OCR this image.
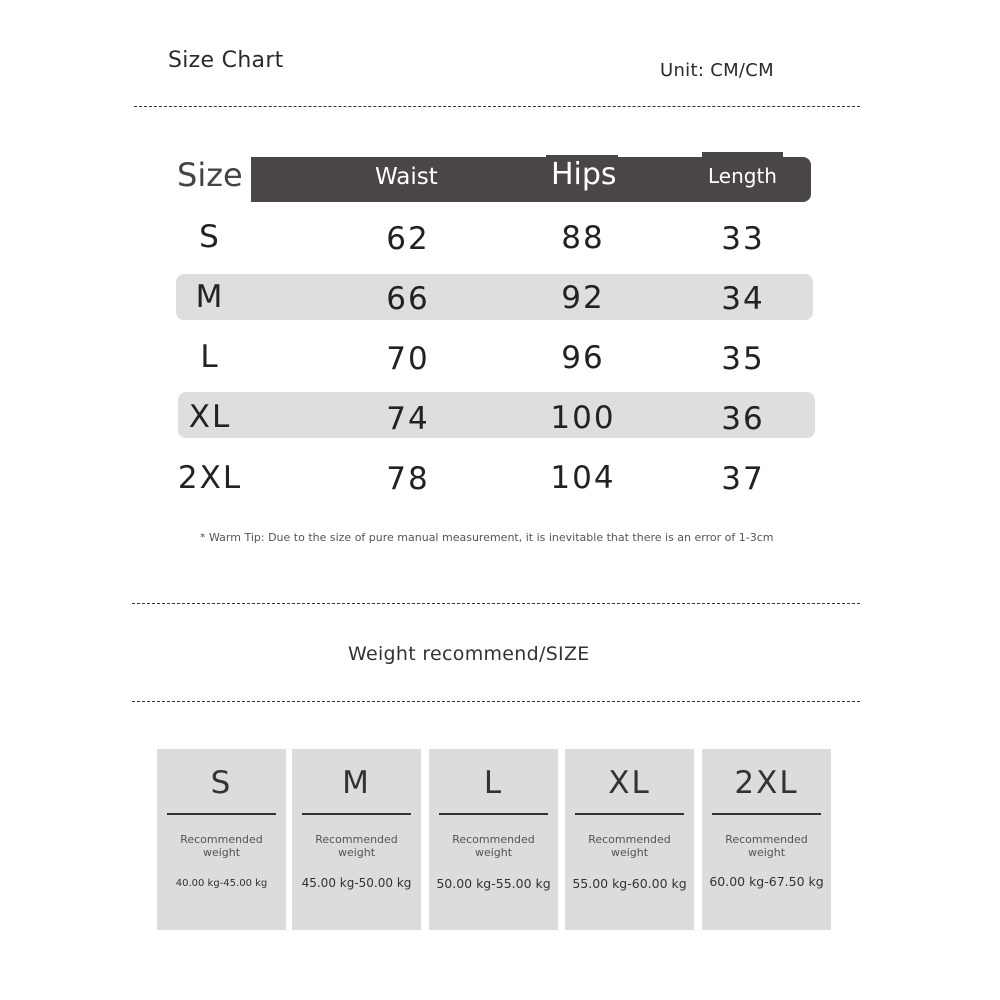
Size Chart	Unit: CM/CM
Size	Waist	Hips	Length
S	62	88	33
M	66	92	34
L	70	96	35
XL	74	100	36
2XL	78	104	37
* Warm Tip: Due to the size of pure manual measurement, it is inevitable that there is an error of 1-3cm
Weight recommend/SIZE
S
Recommended
weight
40.00 kg-45.00 kg
M
Recommended
weight
45.00 kg-50.00 kg
L
Recommended
weight
50.00 kg-55.00 kg
XL
Recommended
weight
55.00 kg-60.00 kg
2XL
Recommended
weight
60.00 kg-67.50 kg
